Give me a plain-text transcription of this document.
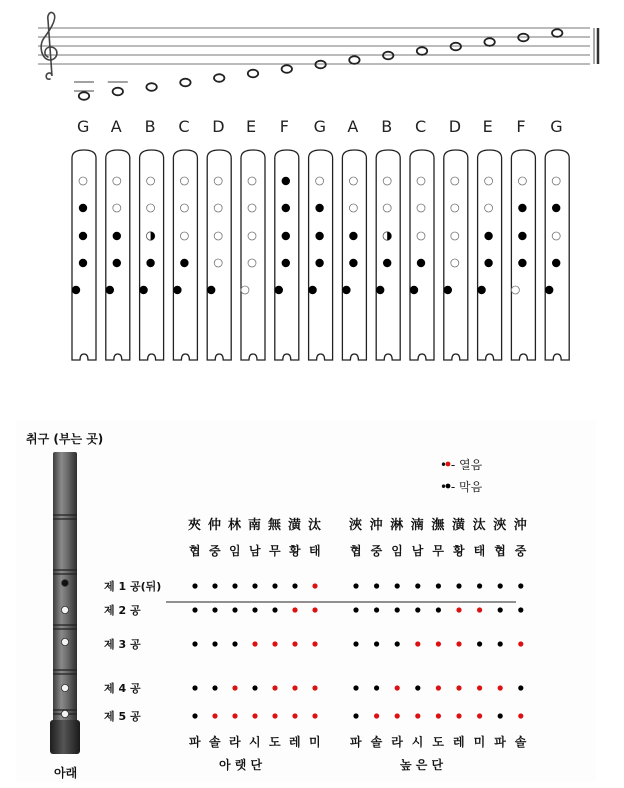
G A B C D E F G A B C D E F G
취구 (부는 곳)
아래
• - 열음
• - 막음
제 1 공(뒤)
제 2 공
제 3 공
제 4 공
제 5 공
夾 仲 林 南 無 潢 汰
협 중 임 남 무 황 태
파 솔 라 시 도 레 미
浹 沖 淋 湳 潕 潢 汰 浹 沖
협 중 임 남 무 황 태 협 중
파 솔 라 시 도 레 미 파 솔
아 랫 단	높 은 단
